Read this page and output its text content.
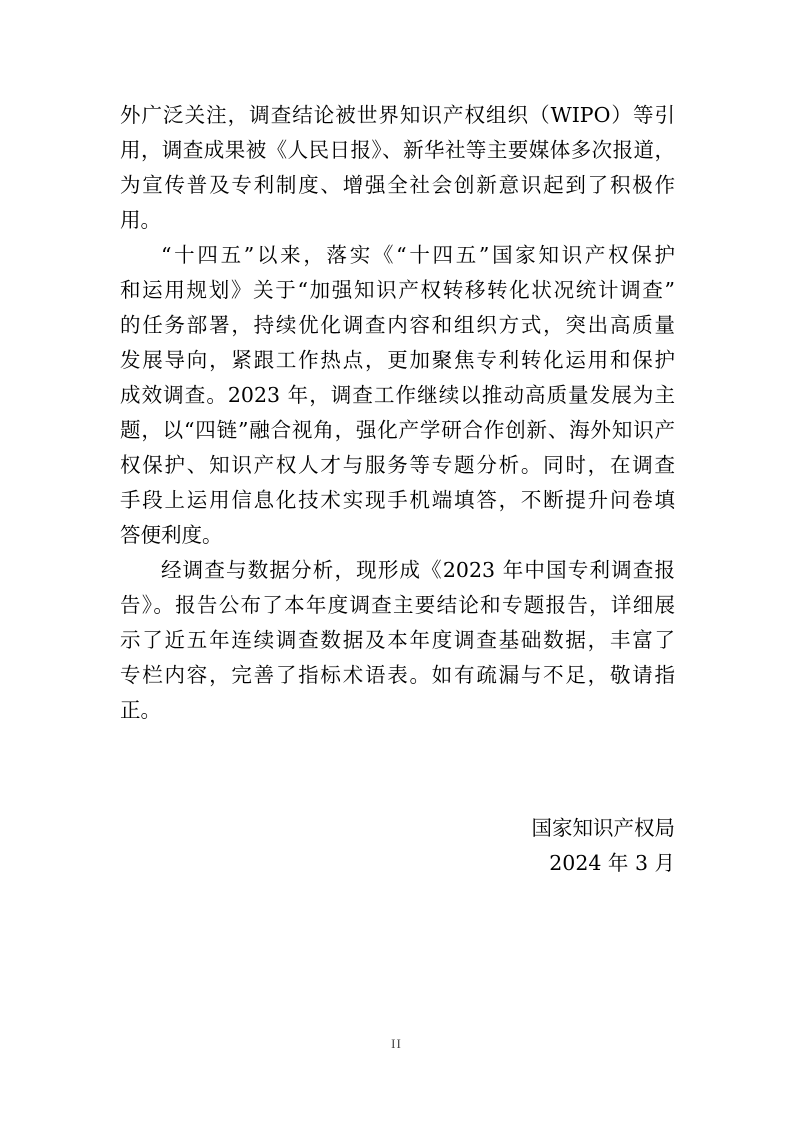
外广泛关注，调查结论被世界知识产权组织（WIPO）等引
用，调查成果被《人民日报》、新华社等主要媒体多次报道，
为宣传普及专利制度、增强全社会创新意识起到了积极作
用。
“十四五”以来，落实《“十四五”国家知识产权保护
和运用规划》关于“加强知识产权转移转化状况统计调查”
的任务部署，持续优化调查内容和组织方式，突出高质量
发展导向，紧跟工作热点，更加聚焦专利转化运用和保护
成效调查。2023 年，调查工作继续以推动高质量发展为主
题，以“四链”融合视角，强化产学研合作创新、海外知识产
权保护、知识产权人才与服务等专题分析。同时，在调查
手段上运用信息化技术实现手机端填答，不断提升问卷填
答便利度。
经调查与数据分析，现形成《2023 年中国专利调查报
告》。报告公布了本年度调查主要结论和专题报告，详细展
示了近五年连续调查数据及本年度调查基础数据，丰富了
专栏内容，完善了指标术语表。如有疏漏与不足，敬请指
正。
国家知识产权局
2024 年 3 月
II
